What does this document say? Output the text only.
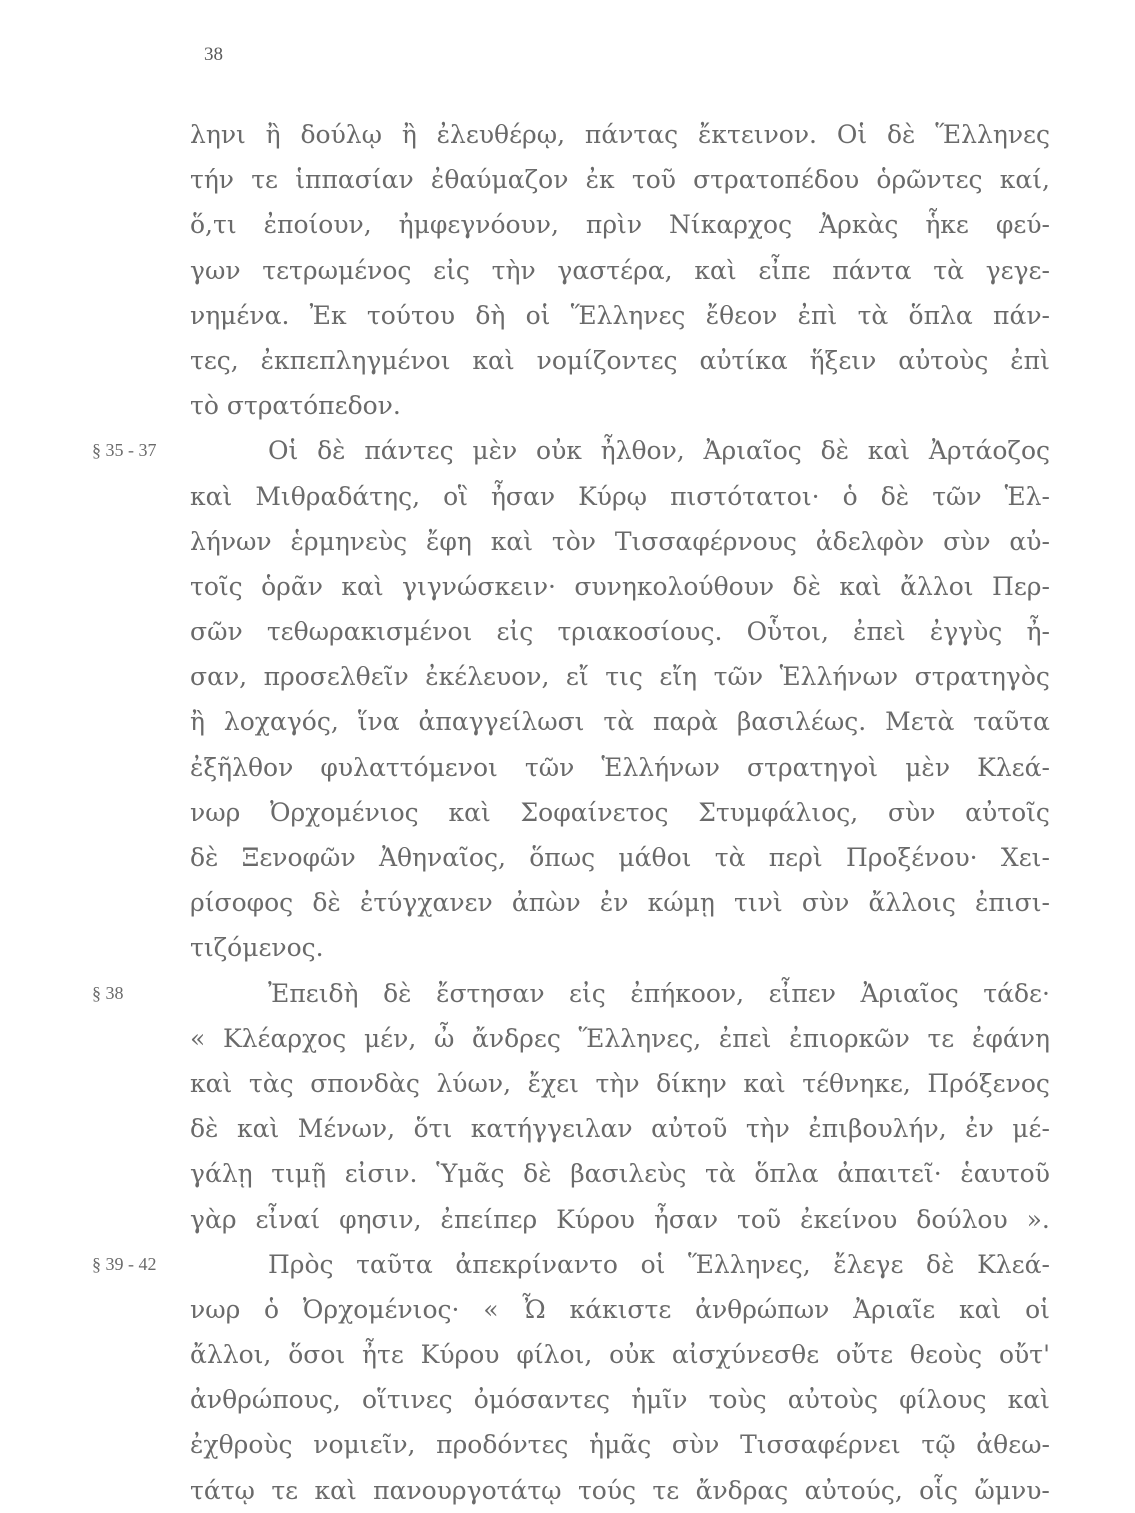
38
ληνι ἢ δούλῳ ἢ ἐλευθέρῳ, πάντας ἔκτεινον. Οἱ δὲ Ἕλληνες
τήν τε ἱππασίαν ἐθαύμαζον ἐκ τοῦ στρατοπέδου ὁρῶντες καί,
ὅ,τι ἐποίουν, ἠμφεγνόουν, πρὶν Νίκαρχος Ἀρκὰς ἧκε φεύ-
γων τετρωμένος εἰς τὴν γαστέρα, καὶ εἶπε πάντα τὰ γεγε-
νημένα. Ἐκ τούτου δὴ οἱ Ἕλληνες ἔθεον ἐπὶ τὰ ὅπλα πάν-
τες, ἐκπεπληγμένοι καὶ νομίζοντες αὐτίκα ἥξειν αὐτοὺς ἐπὶ
τὸ στρατόπεδον.
Οἱ δὲ πάντες μὲν οὐκ ἦλθον, Ἀριαῖος δὲ καὶ Ἀρτάοζος
§ 35 - 37
καὶ Μιθραδάτης, οἳ ἦσαν Κύρῳ πιστότατοι· ὁ δὲ τῶν Ἑλ-
λήνων ἑρμηνεὺς ἔφη καὶ τὸν Τισσαφέρνους ἀδελφὸν σὺν αὐ-
τοῖς ὁρᾶν καὶ γιγνώσκειν· συνηκολούθουν δὲ καὶ ἄλλοι Περ-
σῶν τεθωρακισμένοι εἰς τριακοσίους. Οὗτοι, ἐπεὶ ἐγγὺς ἦ-
σαν, προσελθεῖν ἐκέλευον, εἴ τις εἴη τῶν Ἑλλήνων στρατηγὸς
ἢ λοχαγός, ἵνα ἀπαγγείλωσι τὰ παρὰ βασιλέως. Μετὰ ταῦτα
ἐξῆλθον φυλαττόμενοι τῶν Ἑλλήνων στρατηγοὶ μὲν Κλεά-
νωρ Ὀρχομένιος καὶ Σοφαίνετος Στυμφάλιος, σὺν αὐτοῖς
δὲ Ξενοφῶν Ἀθηναῖος, ὅπως μάθοι τὰ περὶ Προξένου· Χει-
ρίσοφος δὲ ἐτύγχανεν ἀπὼν ἐν κώμῃ τινὶ σὺν ἄλλοις ἐπισι-
τιζόμενος.
Ἐπειδὴ δὲ ἔστησαν εἰς ἐπήκοον, εἶπεν Ἀριαῖος τάδε·
§ 38
« Κλέαρχος μέν, ὦ ἄνδρες Ἕλληνες, ἐπεὶ ἐπιορκῶν τε ἐφάνη
καὶ τὰς σπονδὰς λύων, ἔχει τὴν δίκην καὶ τέθνηκε, Πρόξενος
δὲ καὶ Μένων, ὅτι κατήγγειλαν αὐτοῦ τὴν ἐπιβουλήν, ἐν μέ-
γάλῃ τιμῇ εἰσιν. Ὑμᾶς δὲ βασιλεὺς τὰ ὅπλα ἀπαιτεῖ· ἑαυτοῦ
γὰρ εἶναί φησιν, ἐπείπερ Κύρου ἦσαν τοῦ ἐκείνου δούλου ».
Πρὸς ταῦτα ἀπεκρίναντο οἱ Ἕλληνες, ἔλεγε δὲ Κλεά-
§ 39 - 42
νωρ ὁ Ὀρχομένιος· « Ὦ κάκιστε ἀνθρώπων Ἀριαῖε καὶ οἱ
ἄλλοι, ὅσοι ἦτε Κύρου φίλοι, οὐκ αἰσχύνεσθε οὔτε θεοὺς οὔτ'
ἀνθρώπους, οἵτινες ὀμόσαντες ἡμῖν τοὺς αὐτοὺς φίλους καὶ
ἐχθροὺς νομιεῖν, προδόντες ἡμᾶς σὺν Τισσαφέρνει τῷ ἀθεω-
τάτῳ τε καὶ πανουργοτάτῳ τούς τε ἄνδρας αὐτούς, οἷς ὤμνυ-
